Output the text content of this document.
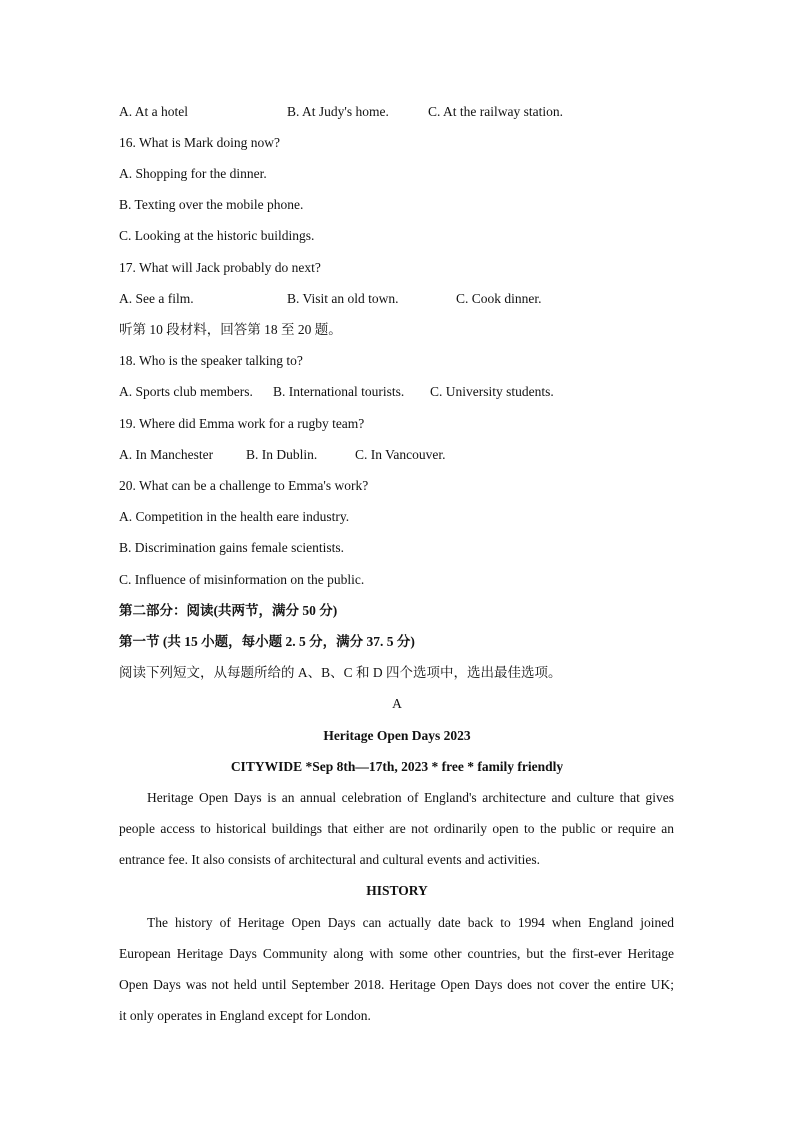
A. At a hotel	B. At Judy's home.	C. At the railway station.
16. What is Mark doing now?
A. Shopping for the dinner.
B. Texting over the mobile phone.
C. Looking at the historic buildings.
17. What will Jack probably do next?
A. See a film.	B. Visit an old town.	C. Cook dinner.
听第 10 段材料，回答第 18 至 20 题。
18. Who is the speaker talking to?
A. Sports club members. B. International tourists. C. University students.
19. Where did Emma work for a rugby team?
A. In Manchester B. In Dublin.	C. In Vancouver.
20. What can be a challenge to Emma's work?
A. Competition in the health eare industry.
B. Discrimination gains female scientists.
C. Influence of misinformation on the public.
第二部分：阅读(共两节，满分 50 分)
第一节 (共 15 小题，每小题 2. 5 分，满分 37. 5 分)
阅读下列短文，从每题所给的 A、B、C 和 D 四个选项中，选出最佳选项。
A
Heritage Open Days 2023
CITYWIDE *Sep 8th—17th, 2023 * free * family friendly
Heritage Open Days is an annual celebration of England's architecture and culture that gives
people access to historical buildings that either are not ordinarily open to the public or require an
entrance fee. It also consists of architectural and cultural events and activities.
HISTORY
The history of Heritage Open Days can actually date back to 1994 when England joined
European Heritage Days Community along with some other countries, but the first-ever Heritage
Open Days was not held until September 2018. Heritage Open Days does not cover the entire UK;
it only operates in England except for London.
